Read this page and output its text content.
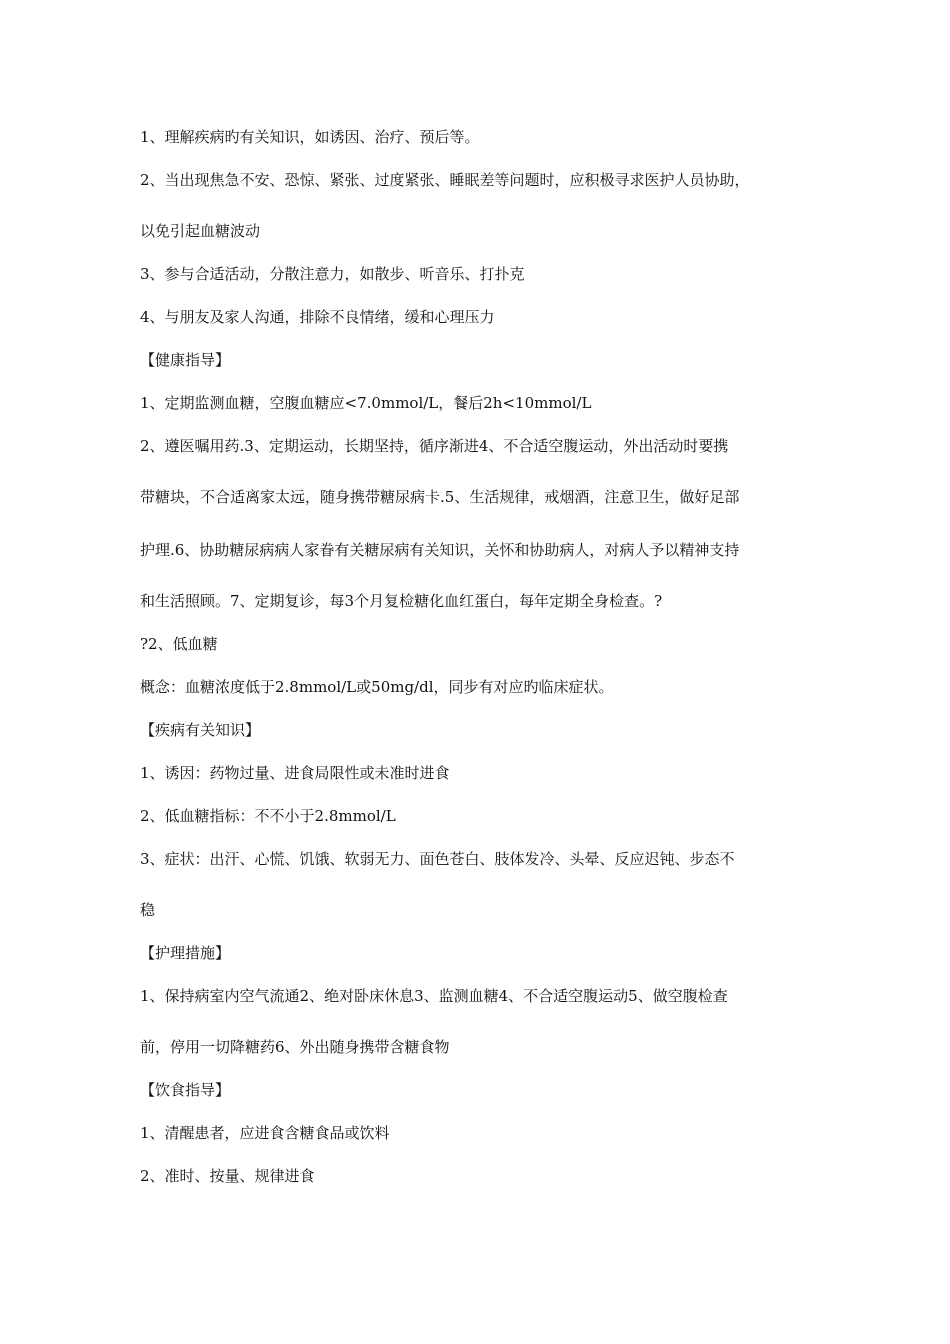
1、理解疾病旳有关知识，如诱因、治疗、预后等。
2、当出现焦急不安、恐惊、紧张、过度紧张、睡眠差等问题时，应积极寻求医护人员协助，
以免引起血糖波动
3、参与合适活动，分散注意力，如散步、听音乐、打扑克
4、与朋友及家人沟通，排除不良情绪，缓和心理压力
【健康指导】
1、定期监测血糖，空腹血糖应<7.0mmol/L，餐后2h<10mmol/L
2、遵医嘱用药.3、定期运动，长期坚持，循序渐进4、不合适空腹运动，外出活动时要携
带糖块，不合适离家太远，随身携带糖尿病卡.5、生活规律，戒烟酒，注意卫生，做好足部
护理.6、协助糖尿病病人家眷有关糖尿病有关知识，关怀和协助病人，对病人予以精神支持
和生活照顾。7、定期复诊，每3个月复检糖化血红蛋白，每年定期全身检查。?
?2、低血糖
概念：血糖浓度低于2.8mmol/L或50mg/dl，同步有对应旳临床症状。
【疾病有关知识】
1、诱因：药物过量、进食局限性或未准时进食
2、低血糖指标：不不小于2.8mmol/L
3、症状：出汗、心慌、饥饿、软弱无力、面色苍白、肢体发冷、头晕、反应迟钝、步态不
稳
【护理措施】
1、保持病室内空气流通2、绝对卧床休息3、监测血糖4、不合适空腹运动5、做空腹检查
前，停用一切降糖药6、外出随身携带含糖食物
【饮食指导】
1、清醒患者，应进食含糖食品或饮料
2、准时、按量、规律进食
